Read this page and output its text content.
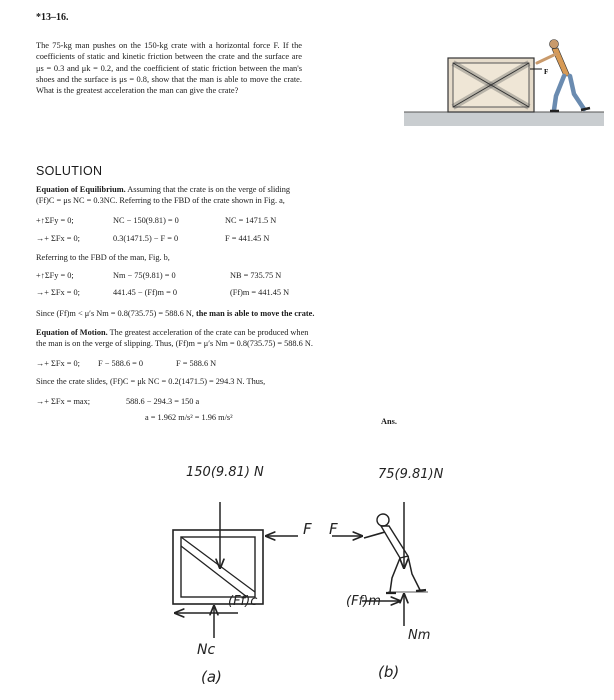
*13–16.
The 75-kg man pushes on the 150-kg crate with a horizontal force F. If the coefficients of static and kinetic friction between the crate and the surface are μs = 0.3 and μk = 0.2, and the coefficient of static friction between the man's shoes and the surface is μs = 0.8, show that the man is able to move the crate. What is the greatest acceleration the man can give the crate?
F
SOLUTION
Equation of Equilibrium. Assuming that the crate is on the verge of sliding
(Ff)C = μs NC = 0.3NC. Referring to the FBD of the crate shown in Fig. a,
+↑ΣFy = 0;	NC − 150(9.81) = 0	NC = 1471.5 N
→+ ΣFx = 0;	0.3(1471.5) − F = 0	F = 441.45 N
Referring to the FBD of the man, Fig. b,
+↑ΣFy = 0;	Nm − 75(9.81) = 0	NB = 735.75 N
→+ ΣFx = 0;	441.45 − (Ff)m = 0	(Ff)m = 441.45 N
Since (Ff)m < μ′s Nm = 0.8(735.75) = 588.6 N, the man is able to move the crate.
Equation of Motion. The greatest acceleration of the crate can be produced when
the man is on the verge of slipping. Thus, (Ff)m = μ′s Nm = 0.8(735.75) = 588.6 N.
→+ ΣFx = 0; F − 588.6 = 0	F = 588.6 N
Since the crate slides, (Ff)C = μk NC = 0.2(1471.5) = 294.3 N. Thus,
→+ ΣFx = max;	588.6 − 294.3 = 150 a
a = 1.962 m/s² = 1.96 m/s²	Ans.
150(9.81) N	75(9.81)N
F F
(Ff)c
Nc
(Ff)m
Nm
(a)	(b)
